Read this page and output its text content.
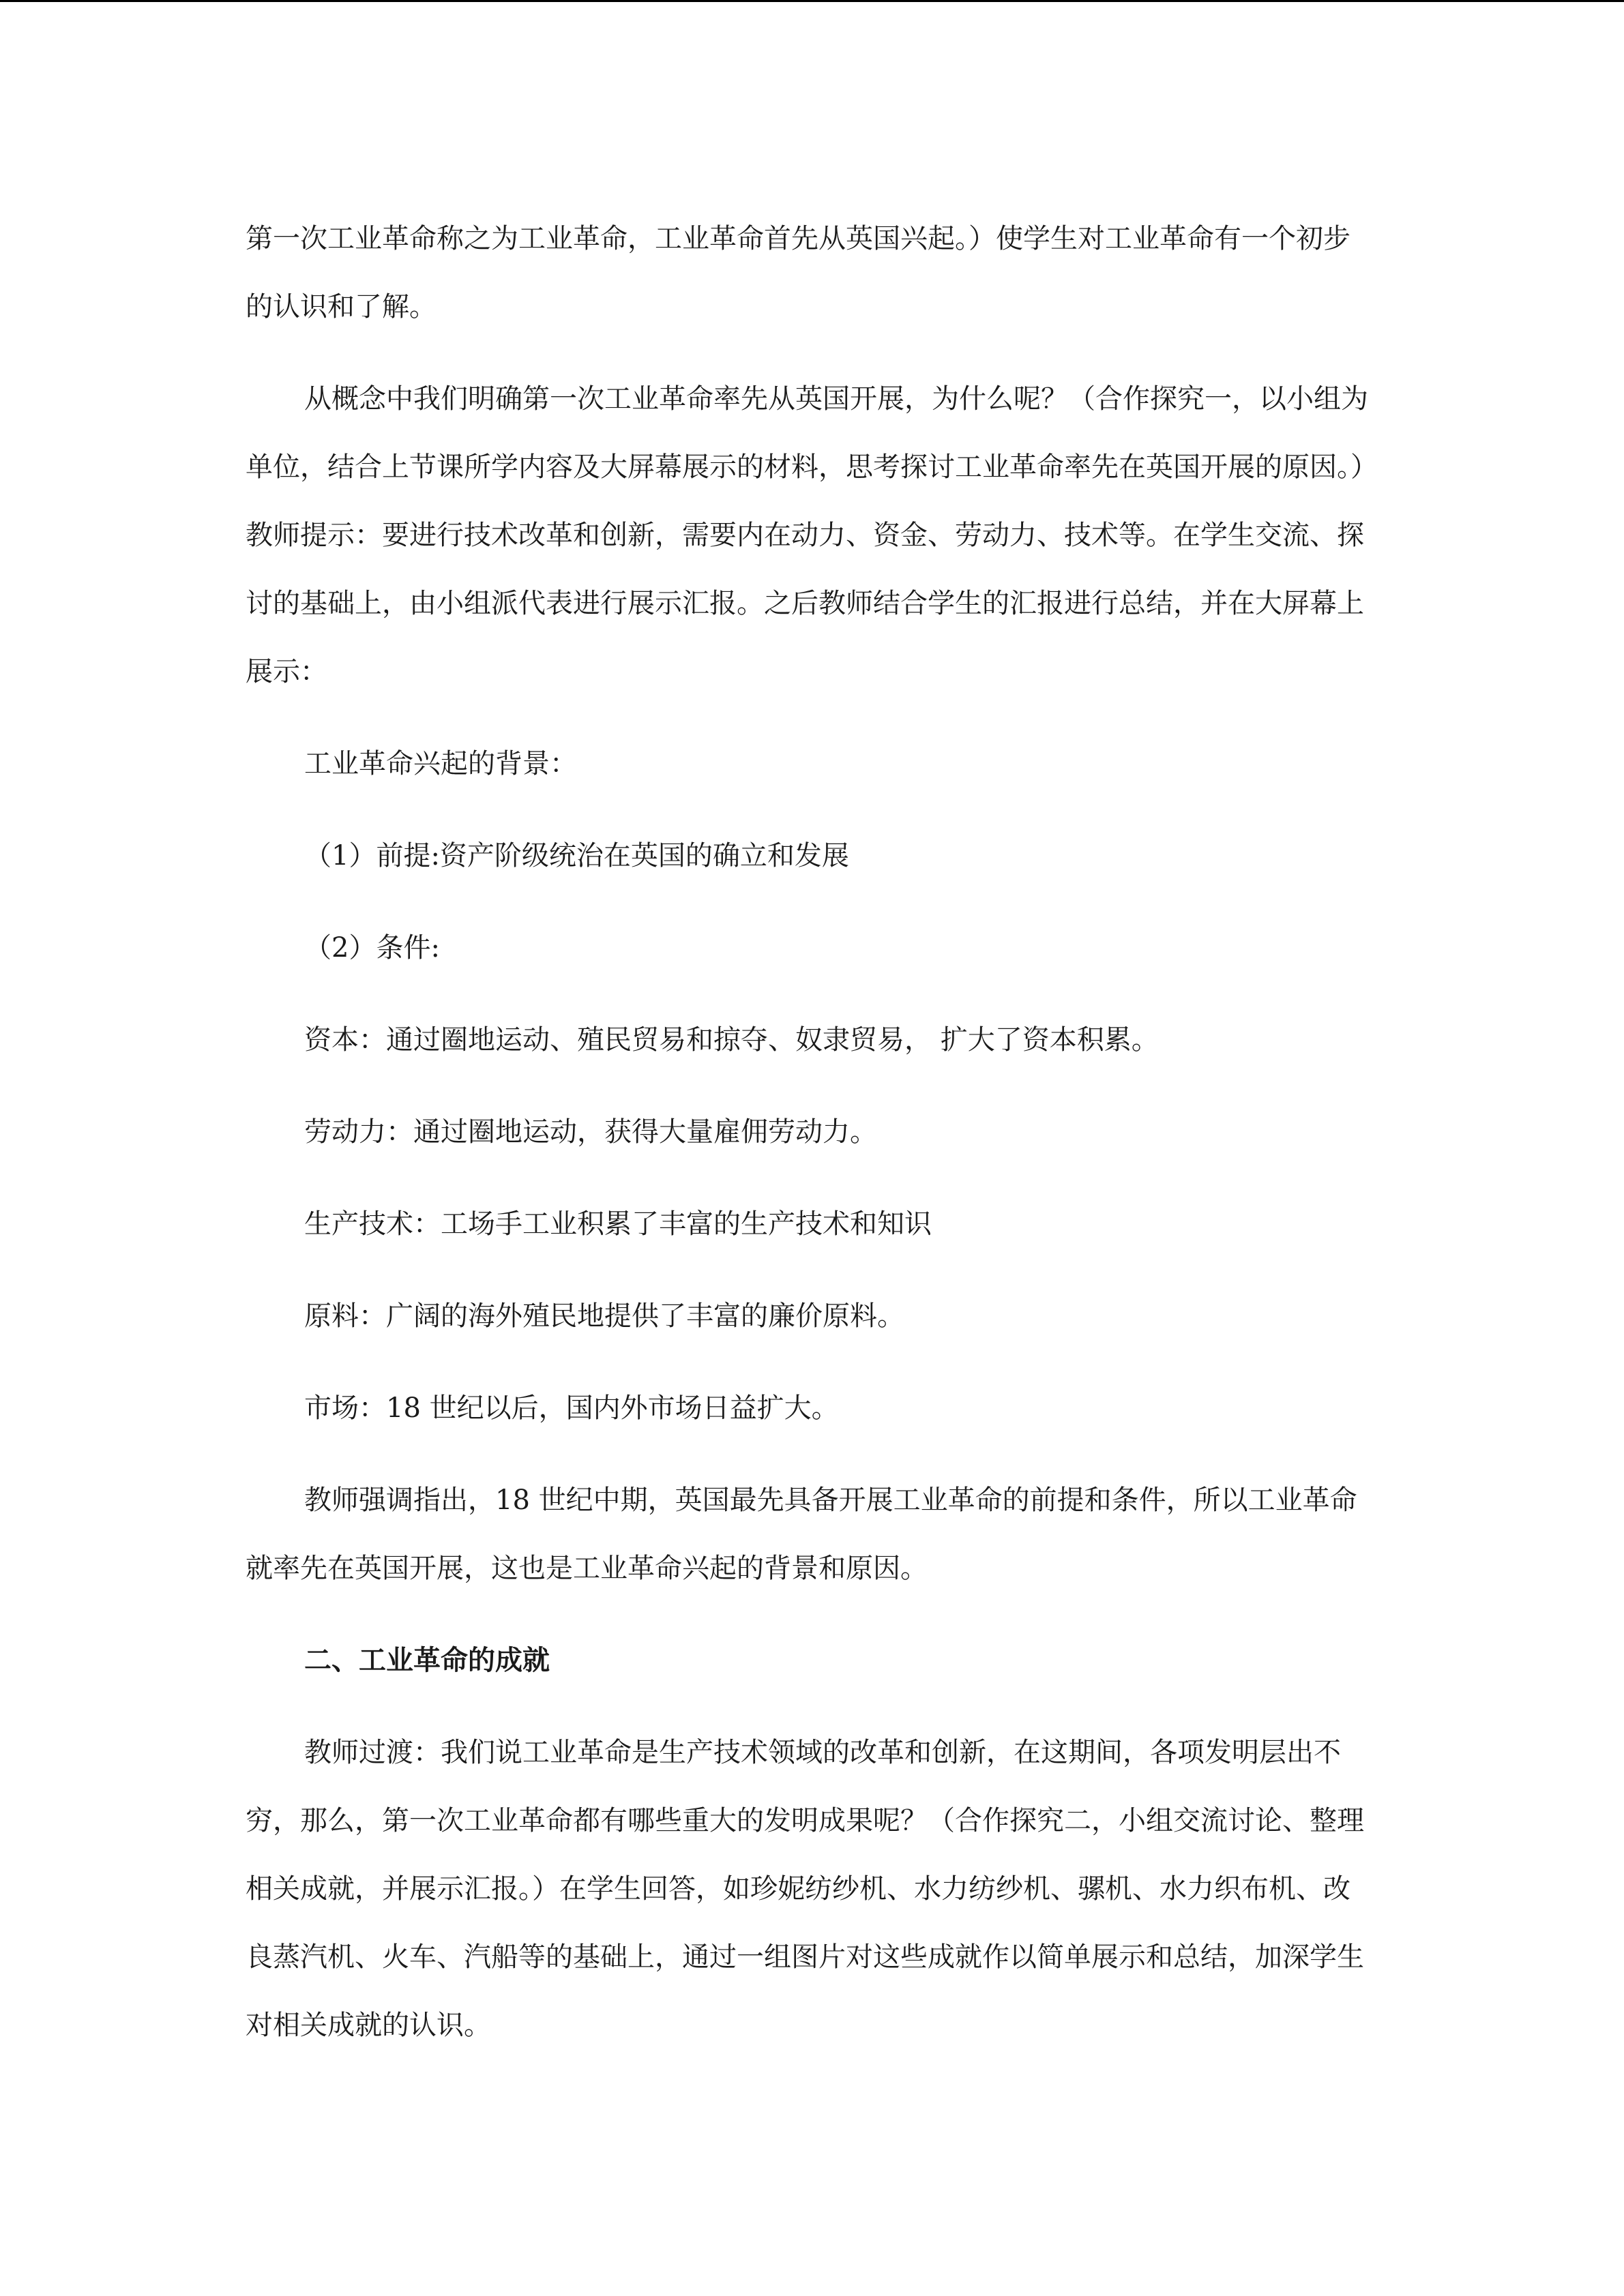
第一次工业革命称之为工业革命，工业革命首先从英国兴起。）使学生对工业革命有一个初步的认识和了解。

从概念中我们明确第一次工业革命率先从英国开展，为什么呢？（合作探究一，以小组为单位，结合上节课所学内容及大屏幕展示的材料，思考探讨工业革命率先在英国开展的原因。）教师提示：要进行技术改革和创新，需要内在动力、资金、劳动力、技术等。在学生交流、探讨的基础上，由小组派代表进行展示汇报。之后教师结合学生的汇报进行总结，并在大屏幕上展示：

工业革命兴起的背景：

（1）前提:资产阶级统治在英国的确立和发展

（2）条件:

资本：通过圈地运动、殖民贸易和掠夺、奴隶贸易， 扩大了资本积累。

劳动力：通过圈地运动，获得大量雇佣劳动力。

生产技术：工场手工业积累了丰富的生产技术和知识

原料：广阔的海外殖民地提供了丰富的廉价原料。

市场：18 世纪以后，国内外市场日益扩大。

教师强调指出，18 世纪中期，英国最先具备开展工业革命的前提和条件，所以工业革命就率先在英国开展，这也是工业革命兴起的背景和原因。

二、工业革命的成就

教师过渡：我们说工业革命是生产技术领域的改革和创新，在这期间，各项发明层出不穷，那么，第一次工业革命都有哪些重大的发明成果呢？（合作探究二，小组交流讨论、整理相关成就，并展示汇报。）在学生回答，如珍妮纺纱机、水力纺纱机、骡机、水力织布机、改良蒸汽机、火车、汽船等的基础上，通过一组图片对这些成就作以简单展示和总结，加深学生对相关成就的认识。
